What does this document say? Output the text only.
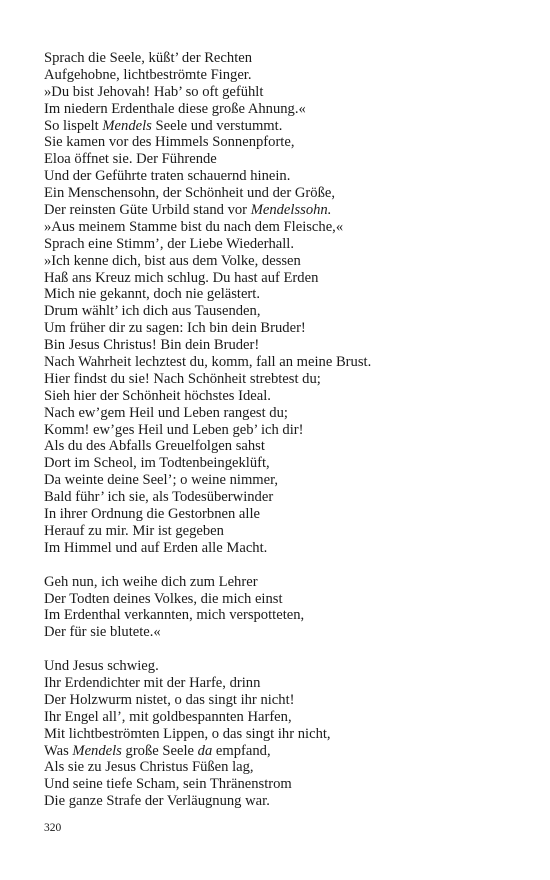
Sprach die Seele, küßt’ der Rechten
Aufgehobne, lichtbeströmte Finger.
»Du bist Jehovah! Hab’ so oft gefühlt
Im niedern Erdenthale diese große Ahnung.«
So lispelt Mendels Seele und verstummt.
Sie kamen vor des Himmels Sonnenpforte,
Eloa öffnet sie. Der Führende
Und der Geführte traten schauernd hinein.
Ein Menschensohn, der Schönheit und der Größe,
Der reinsten Güte Urbild stand vor Mendelssohn.
»Aus meinem Stamme bist du nach dem Fleische,«
Sprach eine Stimm’, der Liebe Wiederhall.
»Ich kenne dich, bist aus dem Volke, dessen
Haß ans Kreuz mich schlug. Du hast auf Erden
Mich nie gekannt, doch nie gelästert.
Drum wählt’ ich dich aus Tausenden,
Um früher dir zu sagen: Ich bin dein Bruder!
Bin Jesus Christus! Bin dein Bruder!
Nach Wahrheit lechztest du, komm, fall an meine Brust.
Hier findst du sie! Nach Schönheit strebtest du;
Sieh hier der Schönheit höchstes Ideal.
Nach ew’gem Heil und Leben rangest du;
Komm! ew’ges Heil und Leben geb’ ich dir!
Als du des Abfalls Greuelfolgen sahst
Dort im Scheol, im Todtenbeingeklüft,
Da weinte deine Seel’; o weine nimmer,
Bald führ’ ich sie, als Todesüberwinder
In ihrer Ordnung die Gestorbnen alle
Herauf zu mir. Mir ist gegeben
Im Himmel und auf Erden alle Macht.
Geh nun, ich weihe dich zum Lehrer
Der Todten deines Volkes, die mich einst
Im Erdenthal verkannten, mich verspotteten,
Der für sie blutete.«
Und Jesus schwieg.
Ihr Erdendichter mit der Harfe, drinn
Der Holzwurm nistet, o das singt ihr nicht!
Ihr Engel all’, mit goldbespannten Harfen,
Mit lichtbeströmten Lippen, o das singt ihr nicht,
Was Mendels große Seele da empfand,
Als sie zu Jesus Christus Füßen lag,
Und seine tiefe Scham, sein Thränenstrom
Die ganze Strafe der Verläugnung war.
320
